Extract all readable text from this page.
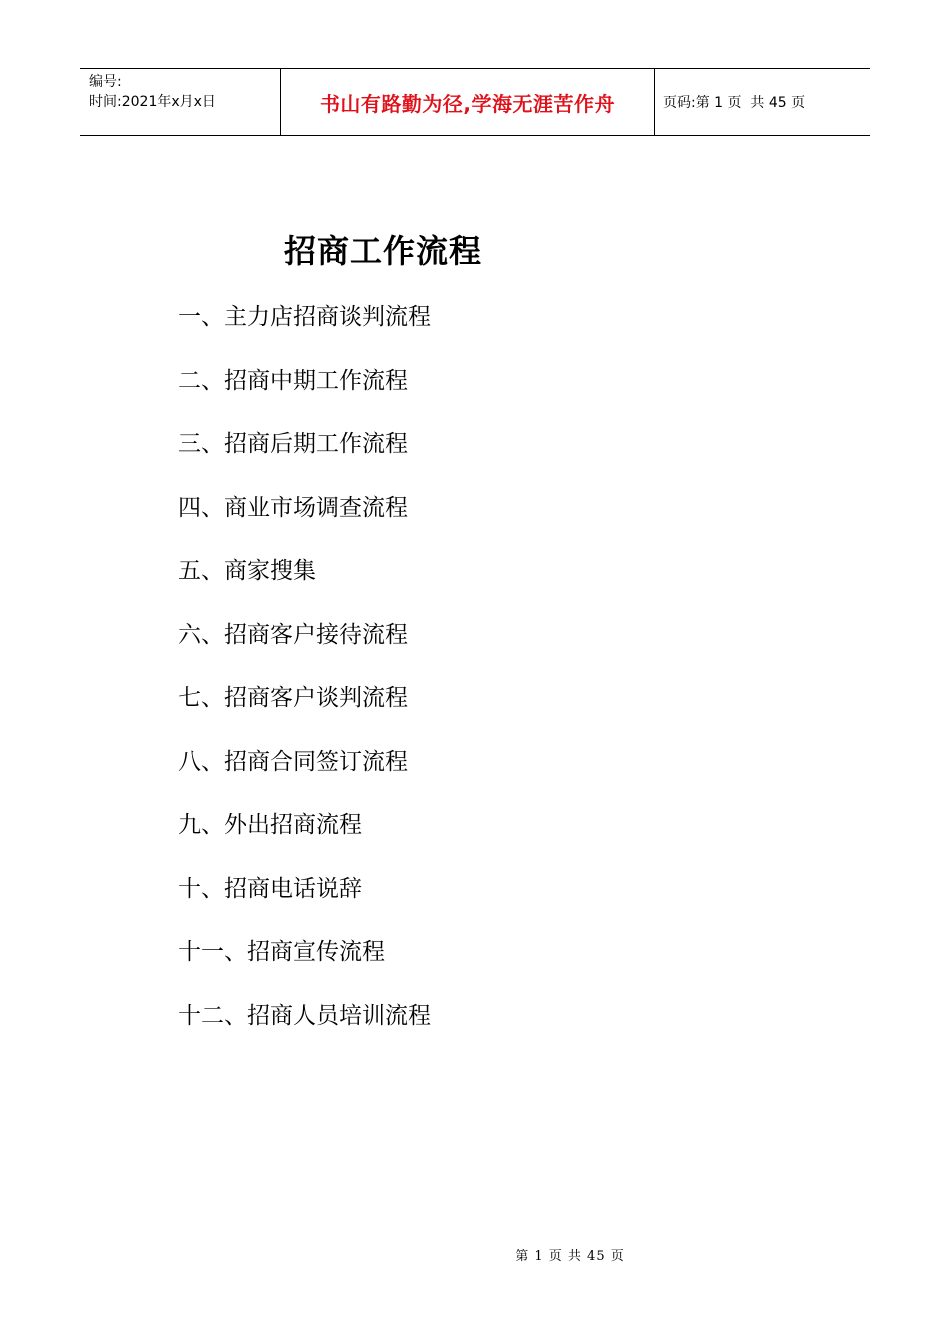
编号:
时间:2021年x月x日	书山有路勤为径,学海无涯苦作舟	页码:第 1 页  共 45 页
招商工作流程
一、主力店招商谈判流程
二、招商中期工作流程
三、招商后期工作流程
四、商业市场调查流程
五、商家搜集
六、招商客户接待流程
七、招商客户谈判流程
八、招商合同签订流程
九、外出招商流程
十、招商电话说辞
十一、招商宣传流程
十二、招商人员培训流程
第 1 页 共 45 页
